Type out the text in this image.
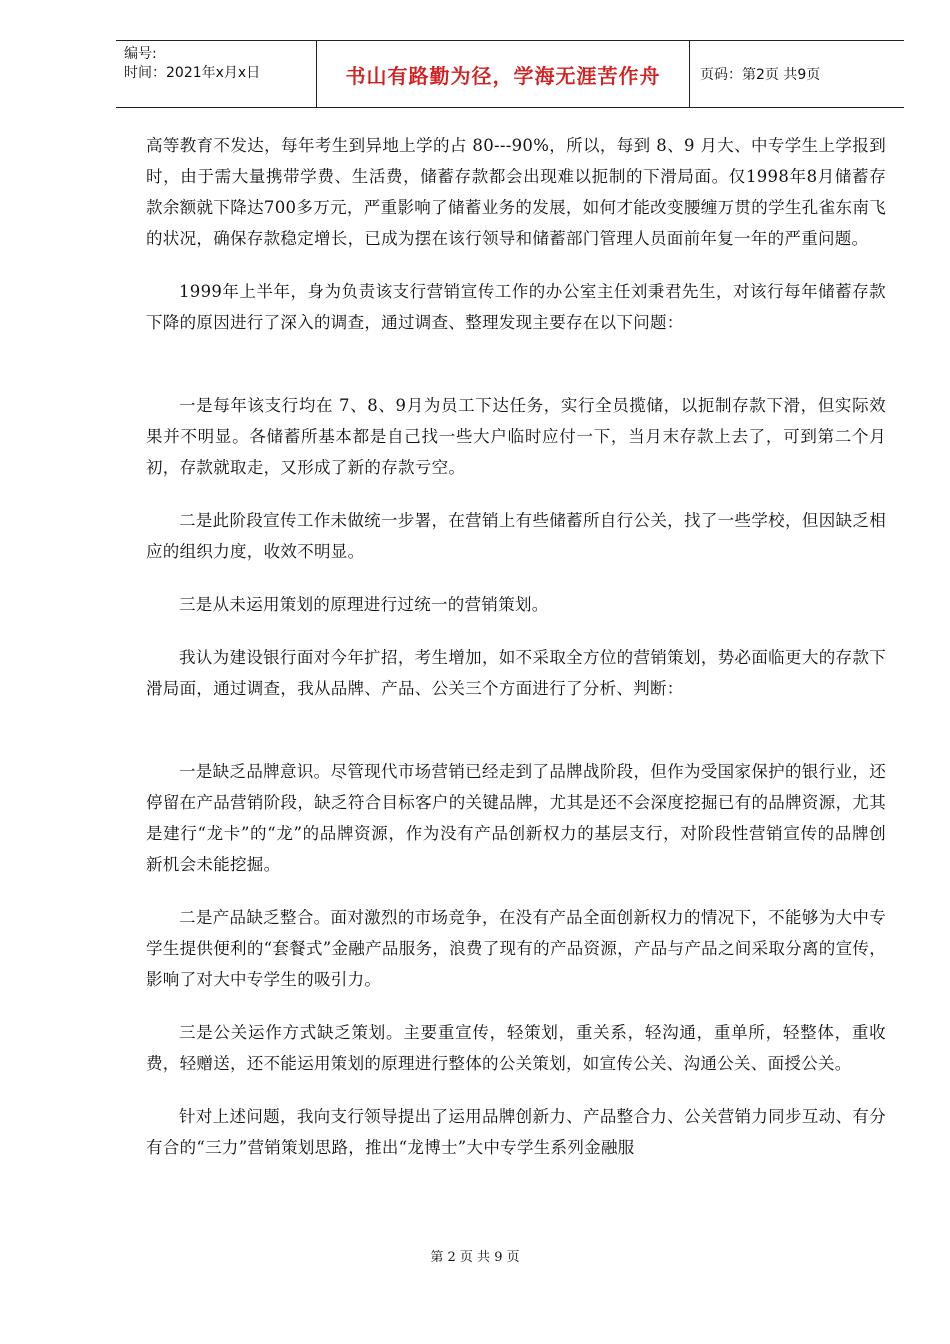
编号:
时间：2021年x月x日	书山有路勤为径，学海无涯苦作舟	页码：第2页 共9页

高等教育不发达，每年考生到异地上学的占 80---90%，所以，每到 8、9 月大、中专学生上学报到时，由于需大量携带学费、生活费，储蓄存款都会出现难以扼制的下滑局面。仅1998年8月储蓄存款余额就下降达700多万元，严重影响了储蓄业务的发展，如何才能改变腰缠万贯的学生孔雀东南飞的状况，确保存款稳定增长，已成为摆在该行领导和储蓄部门管理人员面前年复一年的严重问题。

1999年上半年，身为负责该支行营销宣传工作的办公室主任刘秉君先生，对该行每年储蓄存款下降的原因进行了深入的调查，通过调查、整理发现主要存在以下问题：

一是每年该支行均在 7、8、9月为员工下达任务，实行全员揽储，以扼制存款下滑，但实际效果并不明显。各储蓄所基本都是自己找一些大户临时应付一下，当月末存款上去了，可到第二个月初，存款就取走，又形成了新的存款亏空。

二是此阶段宣传工作未做统一步署，在营销上有些储蓄所自行公关，找了一些学校，但因缺乏相应的组织力度，收效不明显。

三是从未运用策划的原理进行过统一的营销策划。

我认为建设银行面对今年扩招，考生增加，如不采取全方位的营销策划，势必面临更大的存款下滑局面，通过调查，我从品牌、产品、公关三个方面进行了分析、判断：

一是缺乏品牌意识。尽管现代市场营销已经走到了品牌战阶段，但作为受国家保护的银行业，还停留在产品营销阶段，缺乏符合目标客户的关键品牌，尤其是还不会深度挖掘已有的品牌资源，尤其是建行“龙卡”的“龙”的品牌资源，作为没有产品创新权力的基层支行，对阶段性营销宣传的品牌创新机会未能挖掘。

二是产品缺乏整合。面对激烈的市场竞争，在没有产品全面创新权力的情况下，不能够为大中专学生提供便利的“套餐式”金融产品服务，浪费了现有的产品资源，产品与产品之间采取分离的宣传，影响了对大中专学生的吸引力。

三是公关运作方式缺乏策划。主要重宣传，轻策划，重关系，轻沟通，重单所，轻整体，重收费，轻赠送，还不能运用策划的原理进行整体的公关策划，如宣传公关、沟通公关、面授公关。

针对上述问题，我向支行领导提出了运用品牌创新力、产品整合力、公关营销力同步互动、有分有合的“三力”营销策划思路，推出“龙博士”大中专学生系列金融服

第 2 页 共 9 页
